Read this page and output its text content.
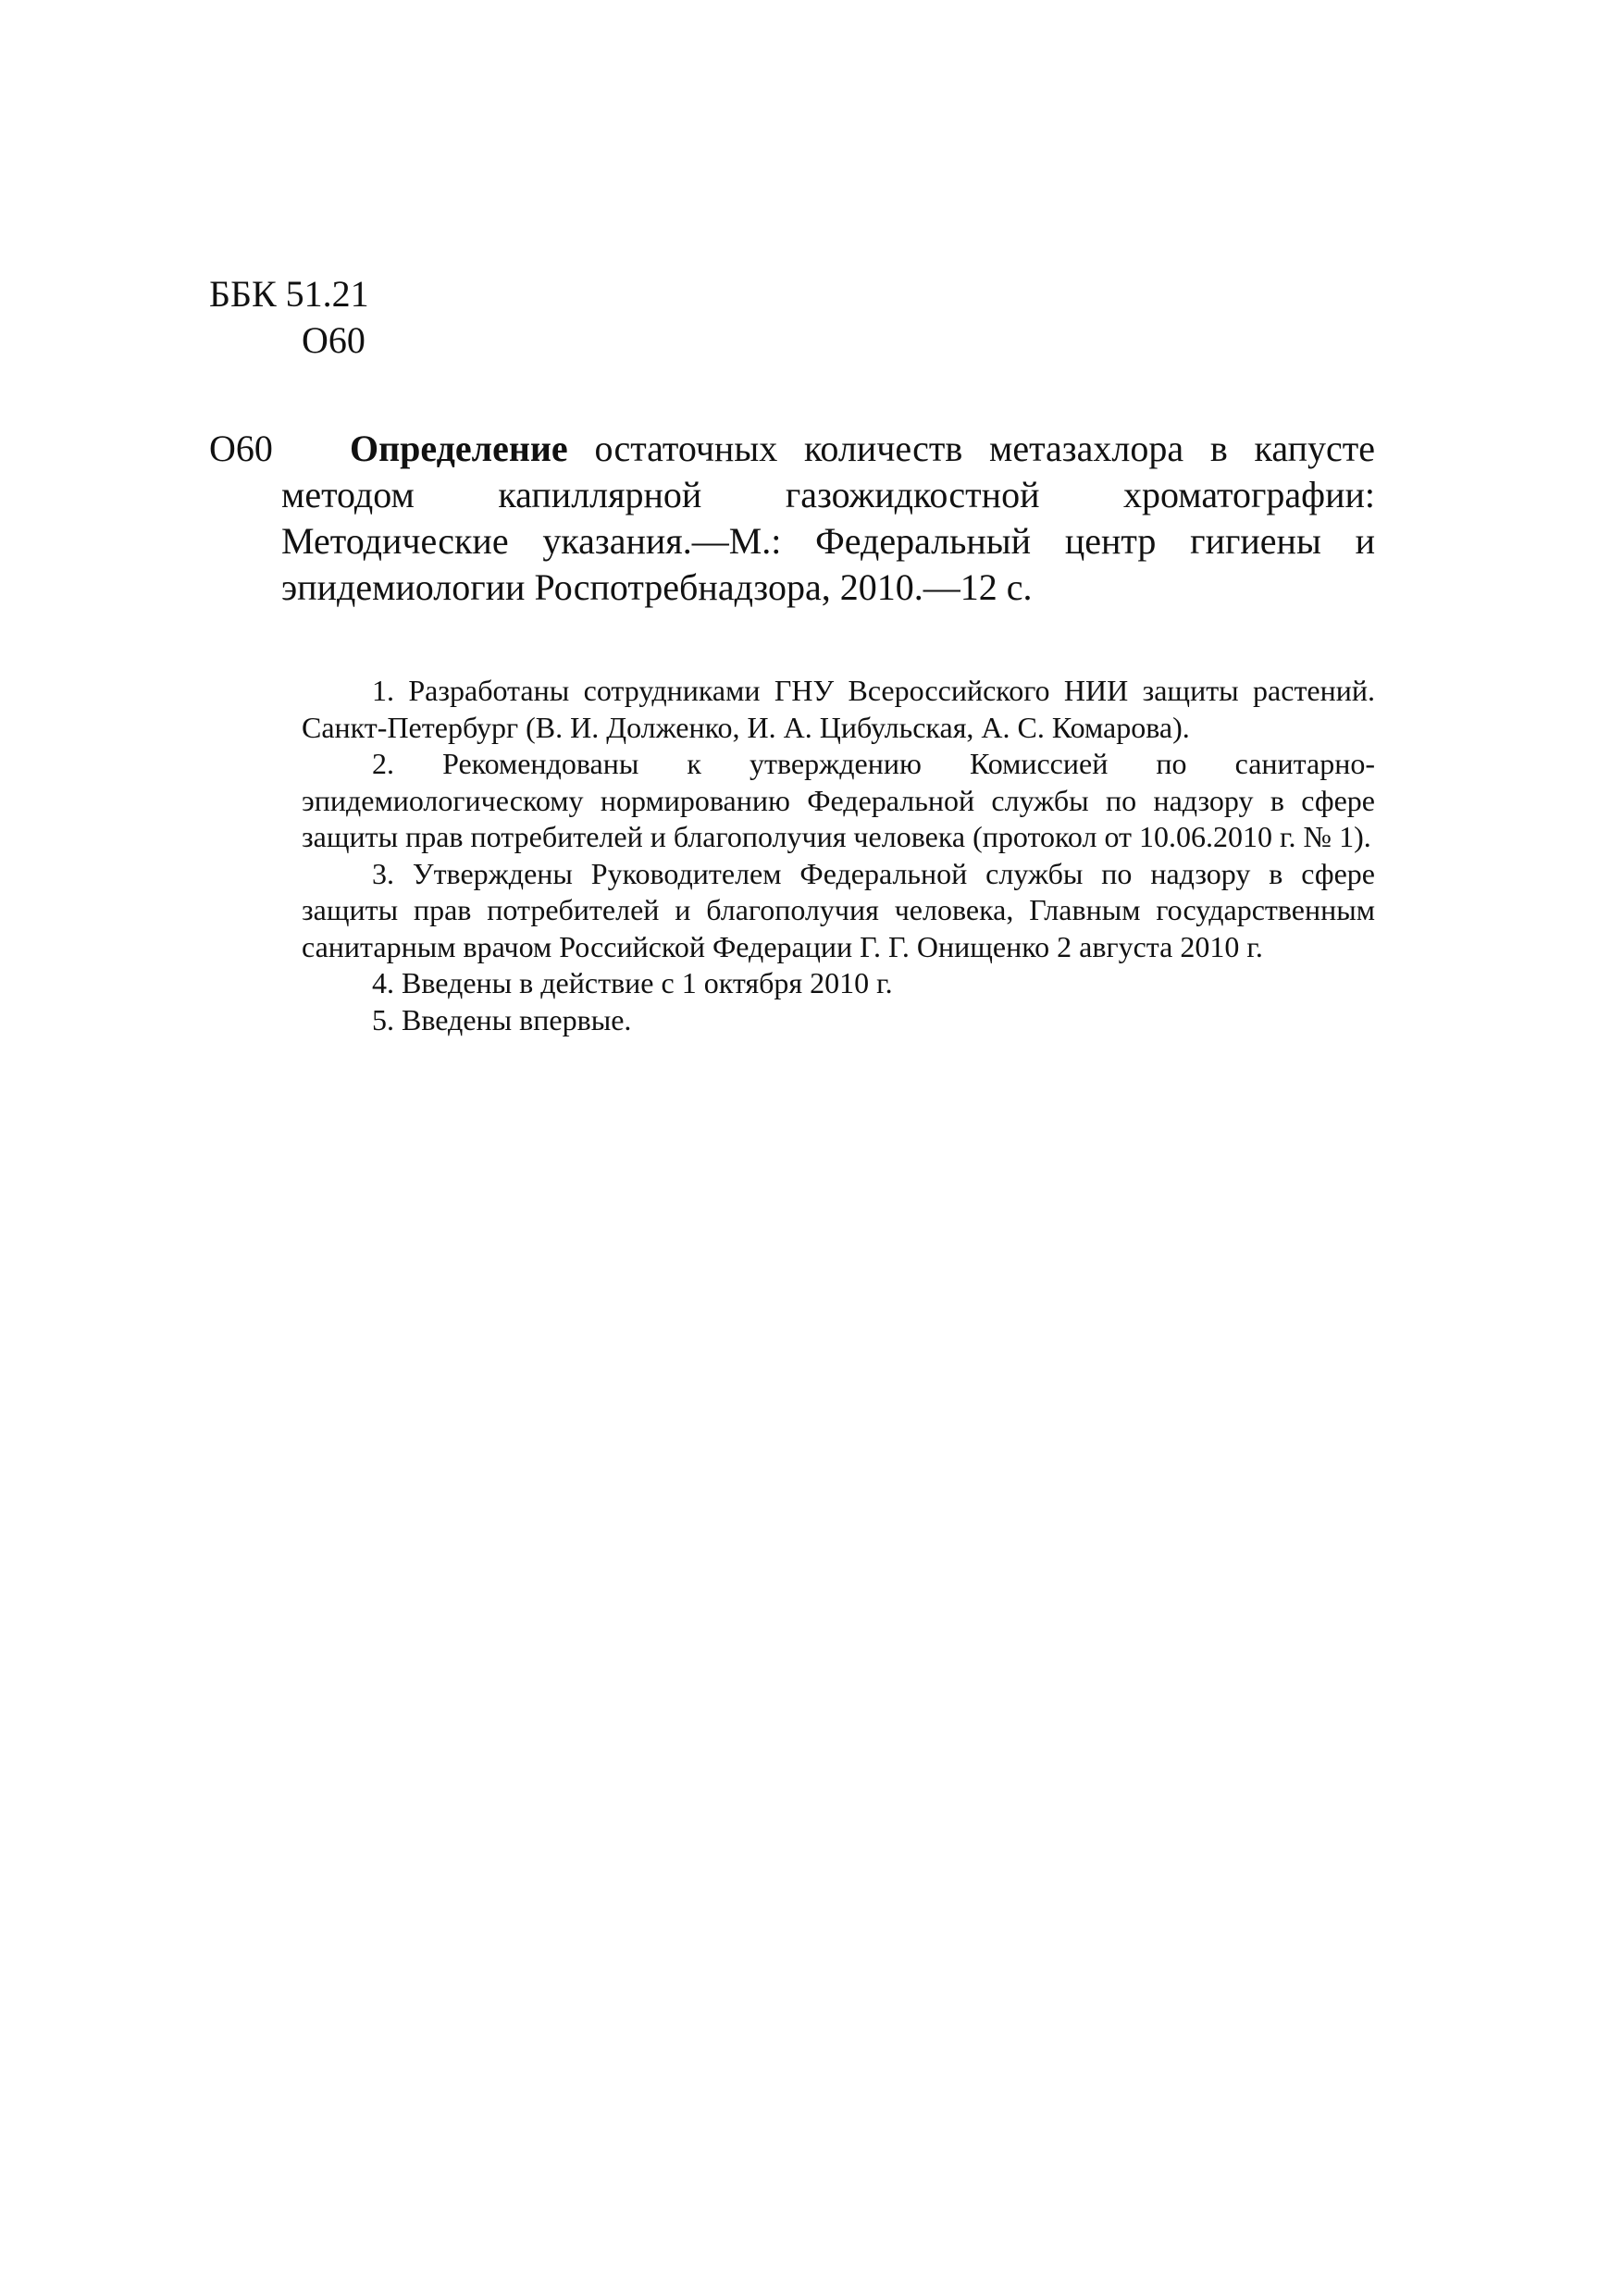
ББК 51.21
О60
О60	Определение остаточных количеств метазахлора в капусте методом капиллярной газожидкостной хроматографии: Методические указания.—М.: Федеральный центр гигиены и эпидемиологии Роспотребнадзора, 2010.—12 с.

1. Разработаны сотрудниками ГНУ Всероссийского НИИ защиты растений. Санкт-Петербург (В. И. Долженко, И. А. Цибульская, А. С. Комарова).

2. Рекомендованы к утверждению Комиссией по санитарно-эпидемиологическому нормированию Федеральной службы по надзору в сфере защиты прав потребителей и благополучия человека (протокол от 10.06.2010 г. № 1).

3. Утверждены Руководителем Федеральной службы по надзору в сфере защиты прав потребителей и благополучия человека, Главным государственным санитарным врачом Российской Федерации Г. Г. Онищенко 2 августа 2010 г.

4. Введены в действие с 1 октября 2010 г.

5. Введены впервые.
